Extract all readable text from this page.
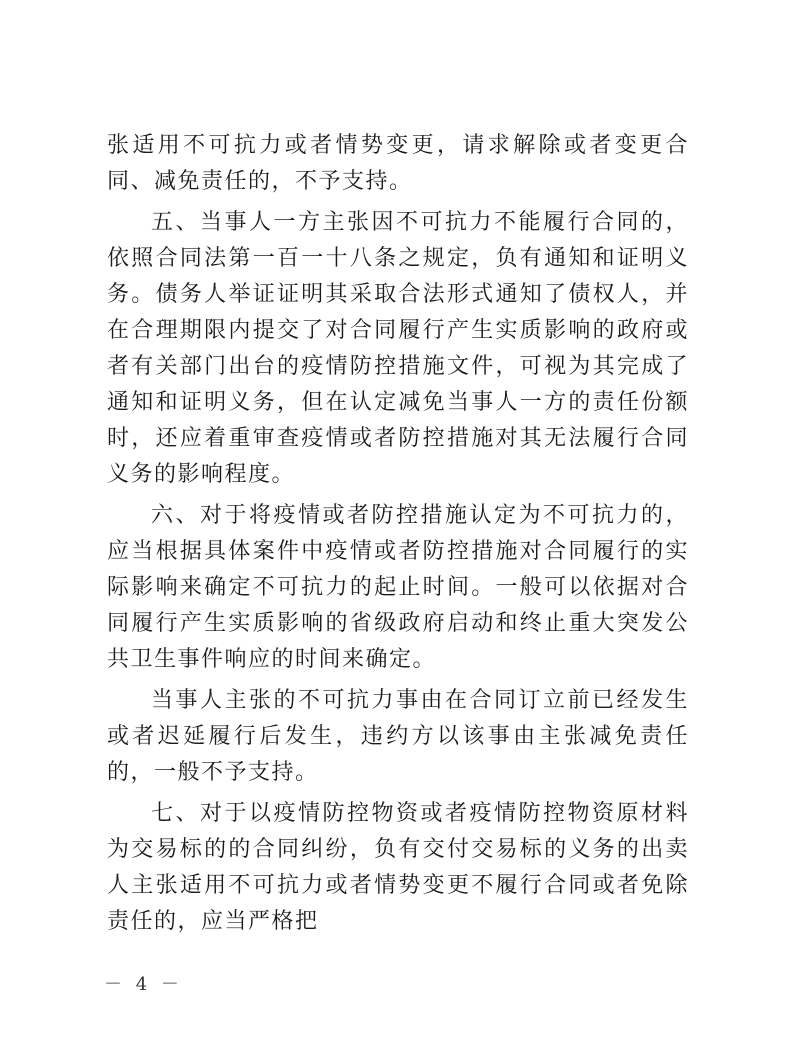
张适用不可抗力或者情势变更，请求解除或者变更合同、减免责任的，不予支持。

五、当事人一方主张因不可抗力不能履行合同的，依照合同法第一百一十八条之规定，负有通知和证明义务。债务人举证证明其采取合法形式通知了债权人，并在合理期限内提交了对合同履行产生实质影响的政府或者有关部门出台的疫情防控措施文件，可视为其完成了通知和证明义务，但在认定减免当事人一方的责任份额时，还应着重审查疫情或者防控措施对其无法履行合同义务的影响程度。

六、对于将疫情或者防控措施认定为不可抗力的，应当根据具体案件中疫情或者防控措施对合同履行的实际影响来确定不可抗力的起止时间。一般可以依据对合同履行产生实质影响的省级政府启动和终止重大突发公共卫生事件响应的时间来确定。

当事人主张的不可抗力事由在合同订立前已经发生或者迟延履行后发生，违约方以该事由主张减免责任的，一般不予支持。

七、对于以疫情防控物资或者疫情防控物资原材料为交易标的的合同纠纷，负有交付交易标的义务的出卖人主张适用不可抗力或者情势变更不履行合同或者免除责任的，应当严格把

－ 4 －
